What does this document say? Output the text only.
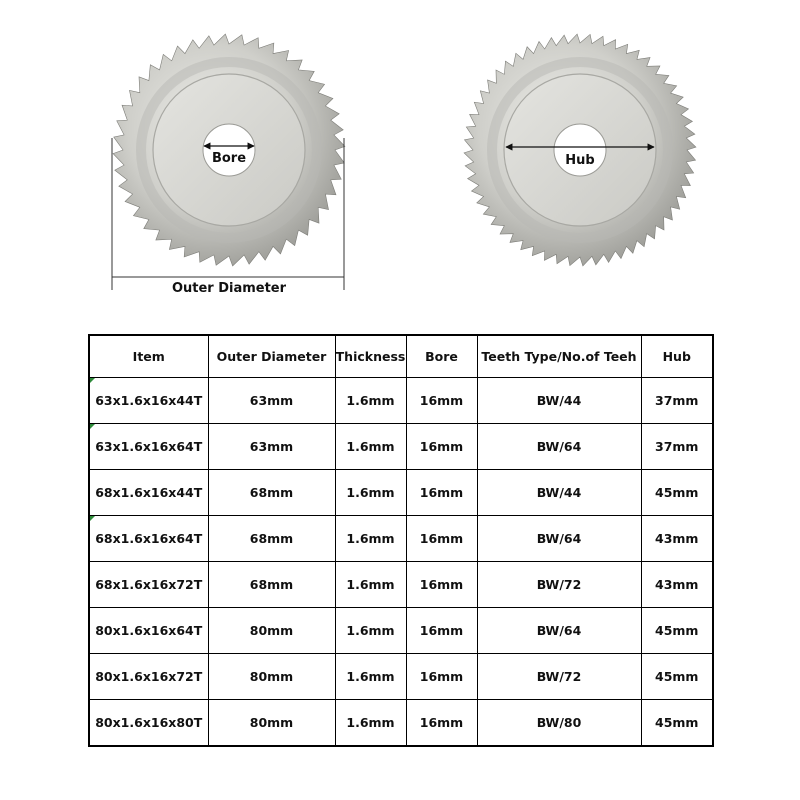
Bore	Hub
Outer Diameter
Item	Outer Diameter	Thickness	Bore	Teeth Type/No.of Teeh	Hub

63x1.6x16x44T	63mm	1.6mm	16mm	BW/44	37mm

63x1.6x16x64T	63mm	1.6mm	16mm	BW/64	37mm
68x1.6x16x44T	68mm	1.6mm	16mm	BW/44	45mm

68x1.6x16x64T	68mm	1.6mm	16mm	BW/64	43mm
68x1.6x16x72T	68mm	1.6mm	16mm	BW/72	43mm
80x1.6x16x64T	80mm	1.6mm	16mm	BW/64	45mm
80x1.6x16x72T	80mm	1.6mm	16mm	BW/72	45mm
80x1.6x16x80T	80mm	1.6mm	16mm	BW/80	45mm
